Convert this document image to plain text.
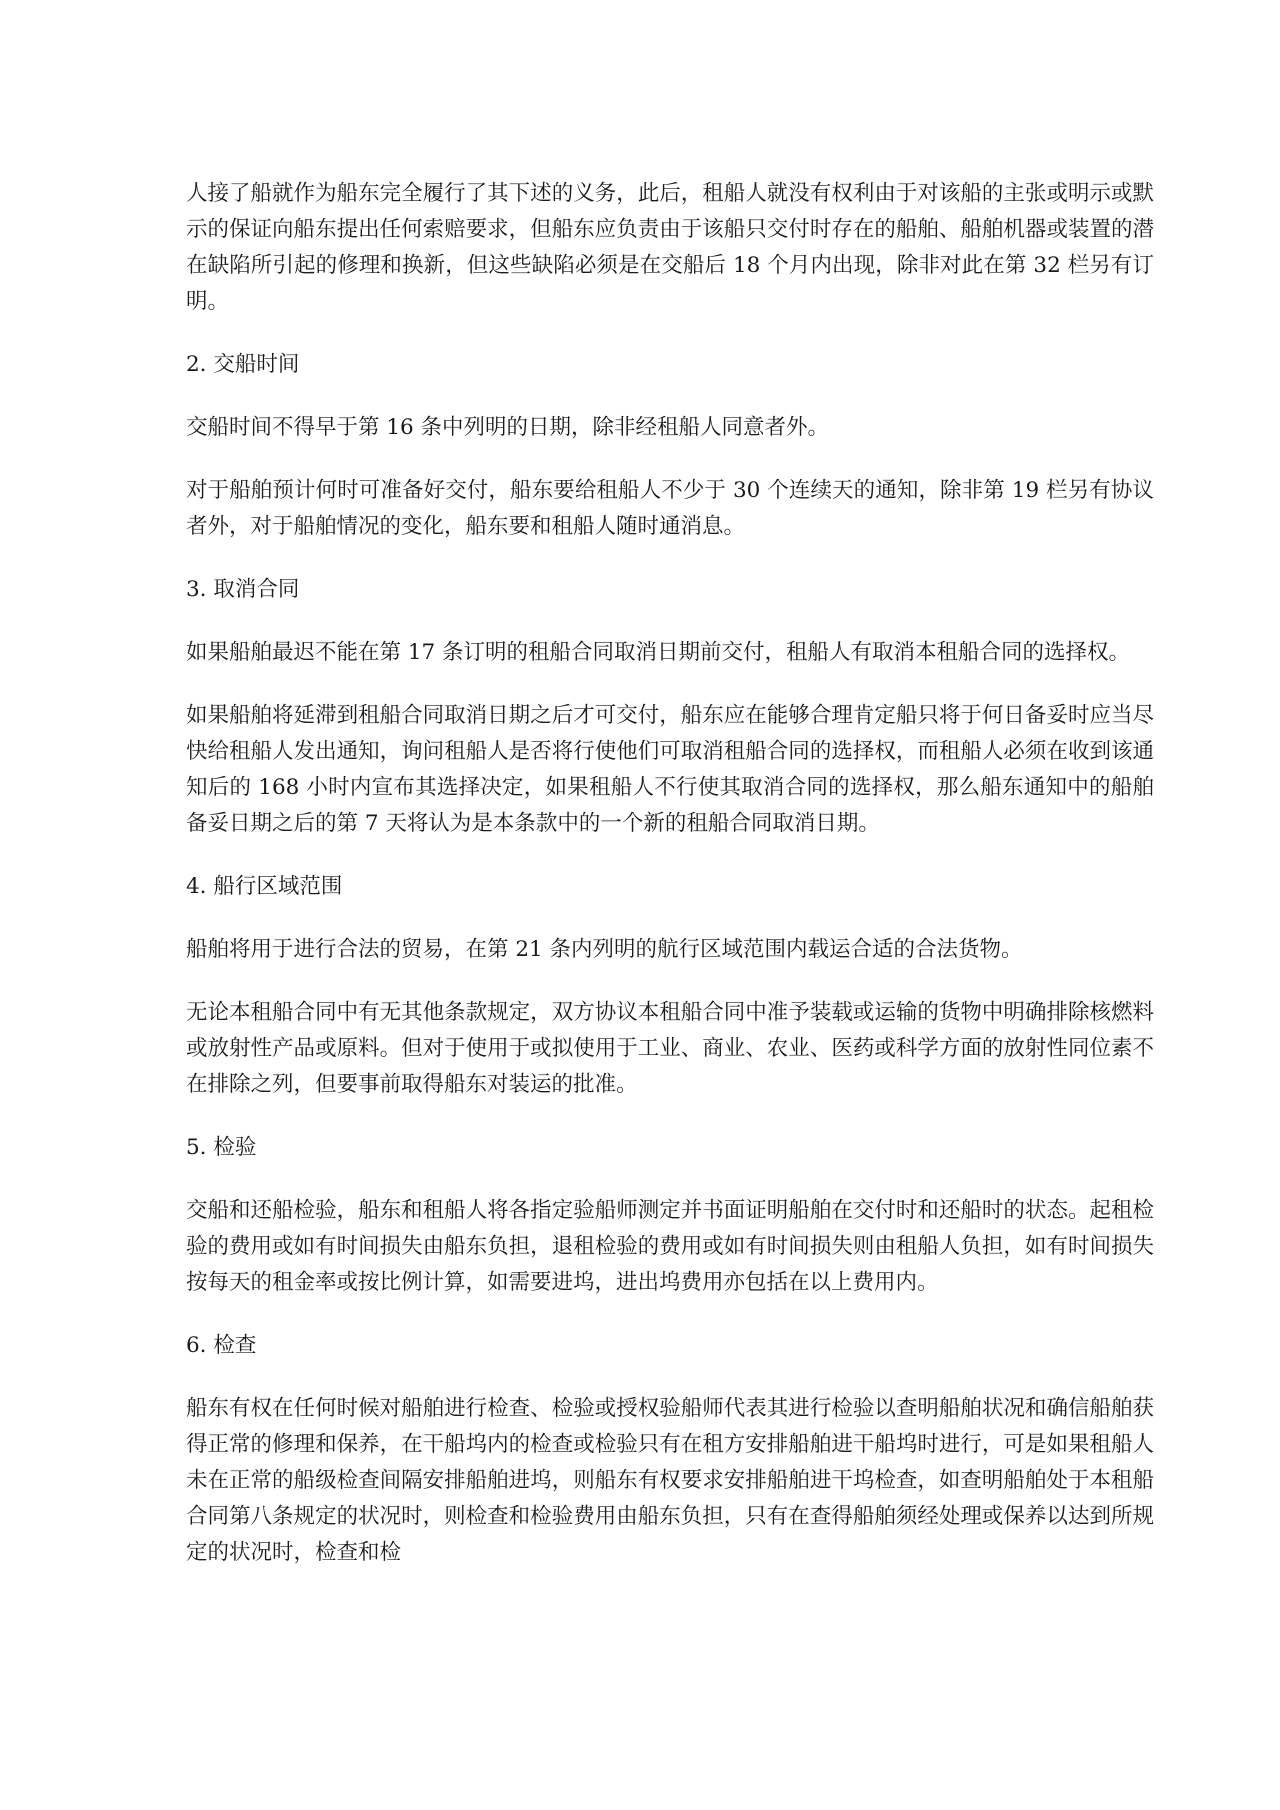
人接了船就作为船东完全履行了其下述的义务，此后，租船人就没有权利由于对该船的主张或明示或默示的保证向船东提出任何索赔要求，但船东应负责由于该船只交付时存在的船舶、船舶机器或装置的潜在缺陷所引起的修理和换新，但这些缺陷必须是在交船后 18 个月内出现，除非对此在第 32 栏另有订明。

2. 交船时间

交船时间不得早于第 16 条中列明的日期，除非经租船人同意者外。

对于船舶预计何时可准备好交付，船东要给租船人不少于 30 个连续天的通知，除非第 19 栏另有协议者外，对于船舶情况的变化，船东要和租船人随时通消息。

3. 取消合同

如果船舶最迟不能在第 17 条订明的租船合同取消日期前交付，租船人有取消本租船合同的选择权。

如果船舶将延滞到租船合同取消日期之后才可交付，船东应在能够合理肯定船只将于何日备妥时应当尽快给租船人发出通知，询问租船人是否将行使他们可取消租船合同的选择权，而租船人必须在收到该通知后的 168 小时内宣布其选择决定，如果租船人不行使其取消合同的选择权，那么船东通知中的船舶备妥日期之后的第 7 天将认为是本条款中的一个新的租船合同取消日期。

4. 船行区域范围

船舶将用于进行合法的贸易，在第 21 条内列明的航行区域范围内载运合适的合法货物。

无论本租船合同中有无其他条款规定，双方协议本租船合同中准予装载或运输的货物中明确排除核燃料或放射性产品或原料。但对于使用于或拟使用于工业、商业、农业、医药或科学方面的放射性同位素不在排除之列，但要事前取得船东对装运的批准。

5. 检验

交船和还船检验，船东和租船人将各指定验船师测定并书面证明船舶在交付时和还船时的状态。起租检验的费用或如有时间损失由船东负担，退租检验的费用或如有时间损失则由租船人负担，如有时间损失按每天的租金率或按比例计算，如需要进坞，进出坞费用亦包括在以上费用内。

6. 检查

船东有权在任何时候对船舶进行检查、检验或授权验船师代表其进行检验以查明船舶状况和确信船舶获得正常的修理和保养，在干船坞内的检查或检验只有在租方安排船舶进干船坞时进行，可是如果租船人未在正常的船级检查间隔安排船舶进坞，则船东有权要求安排船舶进干坞检查，如查明船舶处于本租船合同第八条规定的状况时，则检查和检验费用由船东负担，只有在查得船舶须经处理或保养以达到所规定的状况时，检查和检
